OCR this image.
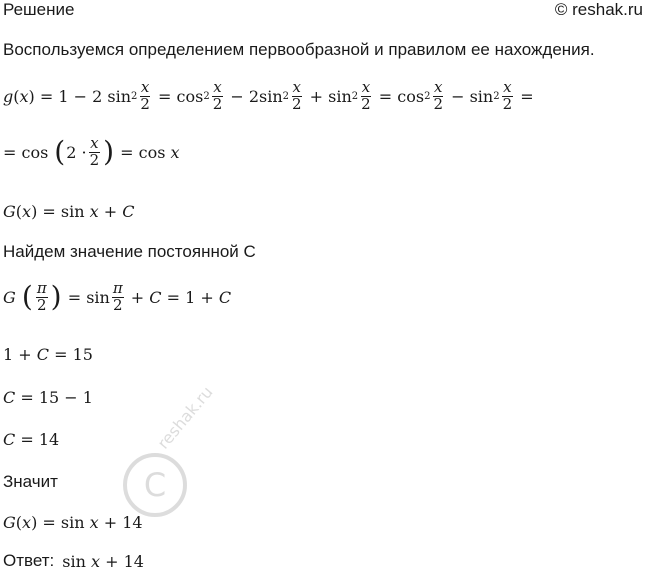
Решение	© reshak.ru
Воспользуемся определением первообразной и правилом ее нахождения.
g ( x ) = 1 − 2 $\sin 2 \frac{x}{2} = \cos 2 \frac{x}{2} - 2\sin$ $2 \frac{x}{2} + \sin 2 \frac{x}{2} = \cos 2 \frac{x}{2} - \sin 2 \frac{x}{2}$ =
= cos ( $2 \cdot \frac{x}{2}$ ) = cos x
G ( x ) = sin x + C
Найдем значение постоянной С
G
( $\frac{\pi}{2}$ ) = $\sin \frac{\pi}{2} + C = 1 + C$
1 + C = 15
C = 15 − 1
C = 14
Значит
G ( x ) = sin x + 14
Ответ: sin x + 14
C
reshak.ru
